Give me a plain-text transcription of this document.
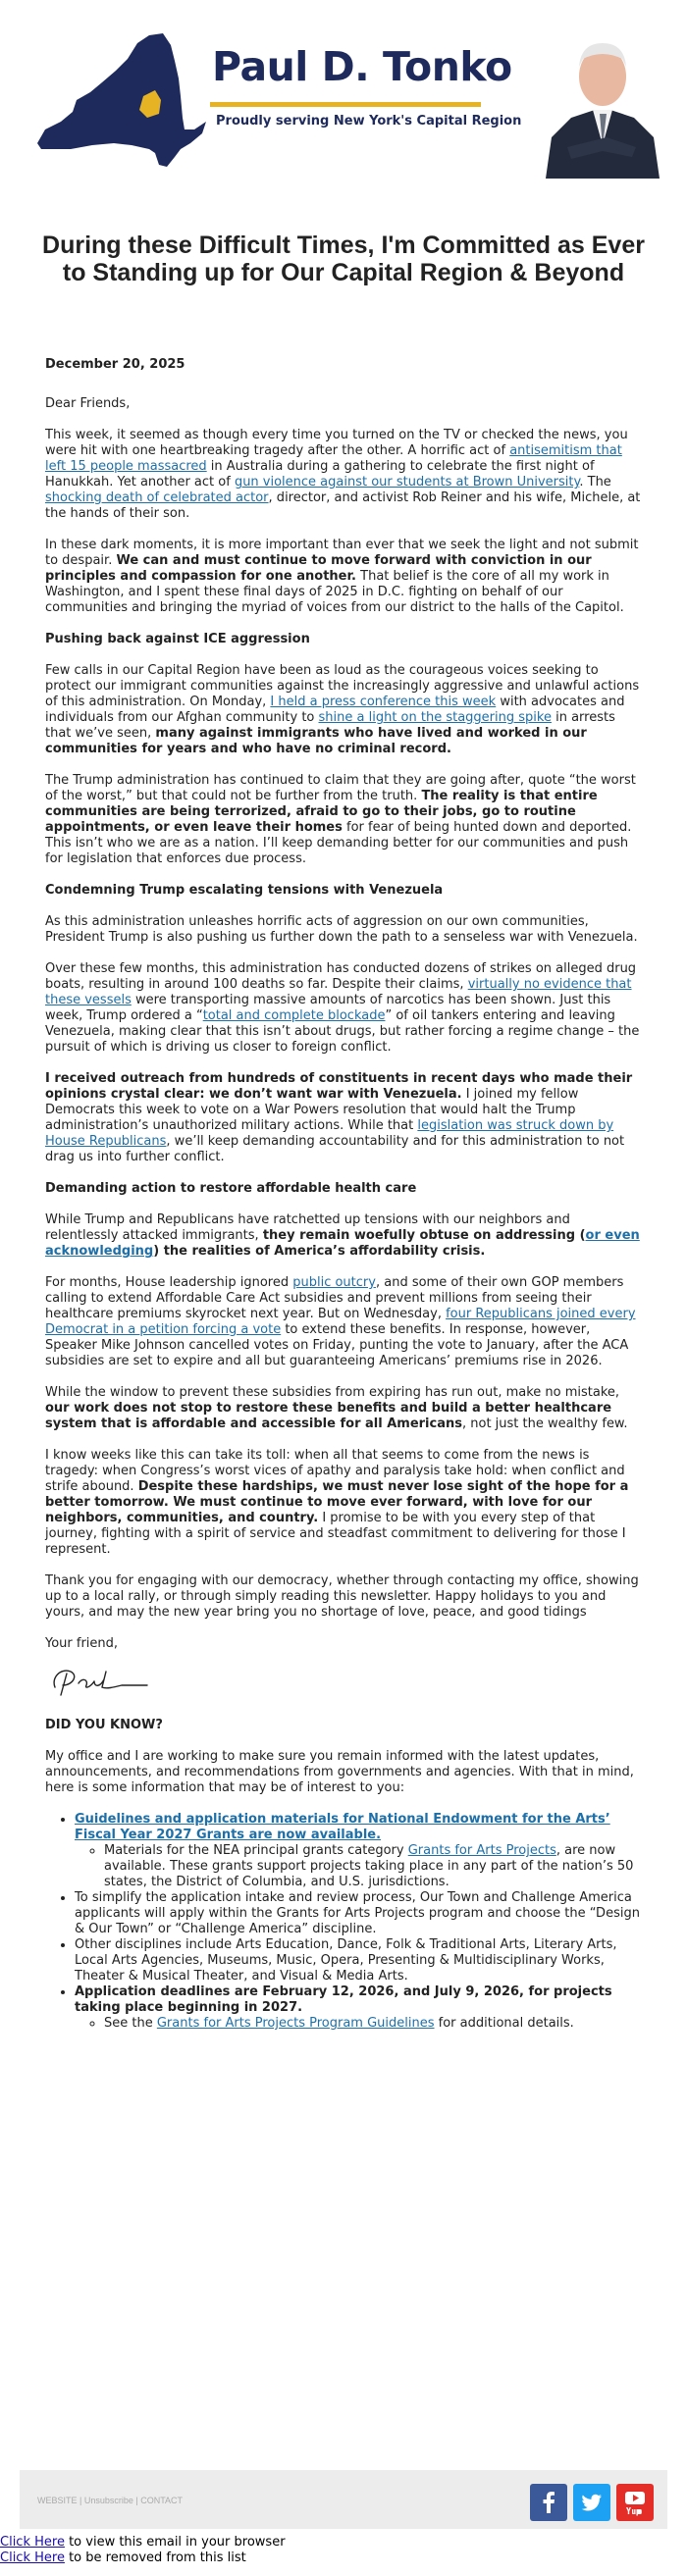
Paul D. Tonko
Proudly serving New York's Capital Region
During these Difficult Times, I'm Committed as Ever to Standing up for Our Capital Region & Beyond

December 20, 2025

Dear Friends,

This week, it seemed as though every time you turned on the TV or checked the news, you were hit with one heartbreaking tragedy after the other. A horrific act of antisemitism that left 15 people massacred in Australia during a gathering to celebrate the first night of Hanukkah. Yet another act of gun violence against our students at Brown University. The shocking death of celebrated actor, director, and activist Rob Reiner and his wife, Michele, at the hands of their son.

In these dark moments, it is more important than ever that we seek the light and not submit to despair. We can and must continue to move forward with conviction in our principles and compassion for one another. That belief is the core of all my work in Washington, and I spent these final days of 2025 in D.C. fighting on behalf of our communities and bringing the myriad of voices from our district to the halls of the Capitol.

Pushing back against ICE aggression

Few calls in our Capital Region have been as loud as the courageous voices seeking to protect our immigrant communities against the increasingly aggressive and unlawful actions of this administration. On Monday, I held a press conference this week with advocates and individuals from our Afghan community to shine a light on the staggering spike in arrests that we’ve seen, many against immigrants who have lived and worked in our communities for years and who have no criminal record.

The Trump administration has continued to claim that they are going after, quote “the worst of the worst,” but that could not be further from the truth. The reality is that entire communities are being terrorized, afraid to go to their jobs, go to routine appointments, or even leave their homes for fear of being hunted down and deported. This isn’t who we are as a nation. I’ll keep demanding better for our communities and push for legislation that enforces due process.

Condemning Trump escalating tensions with Venezuela

As this administration unleashes horrific acts of aggression on our own communities, President Trump is also pushing us further down the path to a senseless war with Venezuela.

Over these few months, this administration has conducted dozens of strikes on alleged drug boats, resulting in around 100 deaths so far. Despite their claims, virtually no evidence that these vessels were transporting massive amounts of narcotics has been shown. Just this week, Trump ordered a “total and complete blockade” of oil tankers entering and leaving Venezuela, making clear that this isn’t about drugs, but rather forcing a regime change – the pursuit of which is driving us closer to foreign conflict.

I received outreach from hundreds of constituents in recent days who made their opinions crystal clear: we don’t want war with Venezuela. I joined my fellow Democrats this week to vote on a War Powers resolution that would halt the Trump administration’s unauthorized military actions. While that legislation was struck down by House Republicans, we’ll keep demanding accountability and for this administration to not drag us into further conflict.

Demanding action to restore affordable health care

While Trump and Republicans have ratchetted up tensions with our neighbors and relentlessly attacked immigrants, they remain woefully obtuse on addressing (or even acknowledging) the realities of America’s affordability crisis.

For months, House leadership ignored public outcry, and some of their own GOP members calling to extend Affordable Care Act subsidies and prevent millions from seeing their healthcare premiums skyrocket next year. But on Wednesday, four Republicans joined every Democrat in a petition forcing a vote to extend these benefits. In response, however, Speaker Mike Johnson cancelled votes on Friday, punting the vote to January, after the ACA subsidies are set to expire and all but guaranteeing Americans’ premiums rise in 2026.

While the window to prevent these subsidies from expiring has run out, make no mistake, our work does not stop to restore these benefits and build a better healthcare system that is affordable and accessible for all Americans, not just the wealthy few.

I know weeks like this can take its toll: when all that seems to come from the news is tragedy: when Congress’s worst vices of apathy and paralysis take hold: when conflict and strife abound. Despite these hardships, we must never lose sight of the hope for a better tomorrow. We must continue to move ever forward, with love for our neighbors, communities, and country. I promise to be with you every step of that journey, fighting with a spirit of service and steadfast commitment to delivering for those I represent.

Thank you for engaging with our democracy, whether through contacting my office, showing up to a local rally, or through simply reading this newsletter. Happy holidays to you and yours, and may the new year bring you no shortage of love, peace, and good tidings

Your friend,

DID YOU KNOW?

My office and I are working to make sure you remain informed with the latest updates, announcements, and recommendations from governments and agencies. With that in mind, here is some information that may be of interest to you:

• Guidelines and application materials for National Endowment for the Arts’ Fiscal Year 2027 Grants are now available.
◦ Materials for the NEA principal grants category Grants for Arts Projects, are now available. These grants support projects taking place in any part of the nation’s 50 states, the District of Columbia, and U.S. jurisdictions.
• To simplify the application intake and review process, Our Town and Challenge America applicants will apply within the Grants for Arts Projects program and choose the “Design & Our Town” or “Challenge America” discipline.
• Other disciplines include Arts Education, Dance, Folk & Traditional Arts, Literary Arts, Local Arts Agencies, Museums, Music, Opera, Presenting & Multidisciplinary Works, Theater & Musical Theater, and Visual & Media Arts.
• Application deadlines are February 12, 2026, and July 9, 2026, for projects taking place beginning in 2027.
◦ See the Grants for Arts Projects Program Guidelines for additional details.
WEBSITE | Unsubscribe | CONTACT
Click Here to view this email in your browser
Click Here to be removed from this list
